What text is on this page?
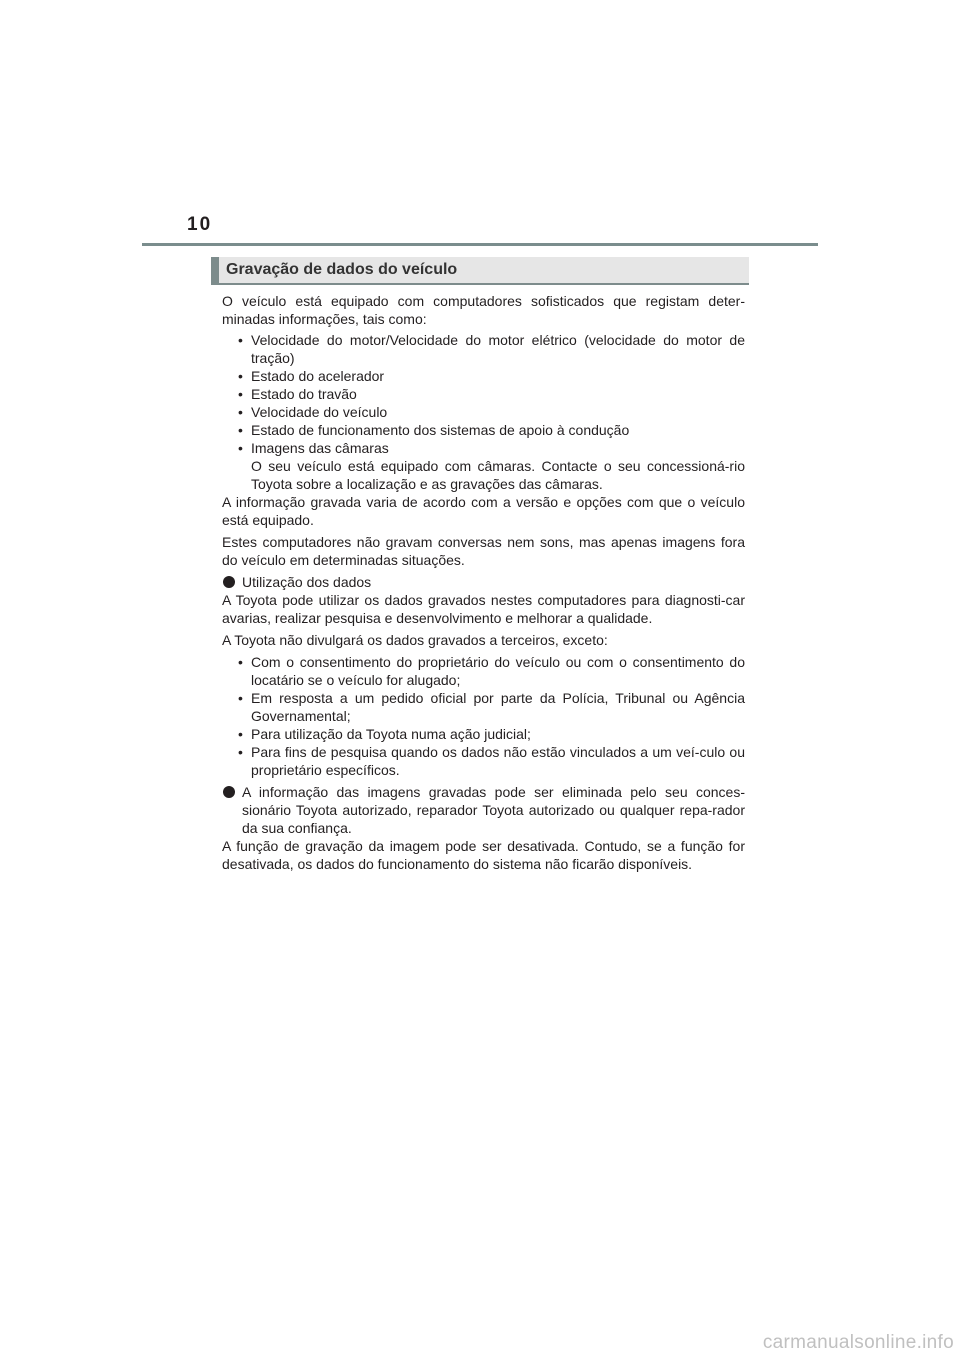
10
Gravação de dados do veículo

O veículo está equipado com computadores sofisticados que registam deter-minadas informações, tais como:

• Velocidade do motor/Velocidade do motor elétrico (velocidade do motor de tração)
• Estado do acelerador
• Estado do travão
• Velocidade do veículo
• Estado de funcionamento dos sistemas de apoio à condução
• Imagens das câmaras
O seu veículo está equipado com câmaras. Contacte o seu concessioná-rio Toyota sobre a localização e as gravações das câmaras.

A informação gravada varia de acordo com a versão e opções com que o veículo está equipado.

Estes computadores não gravam conversas nem sons, mas apenas imagens fora do veículo em determinadas situações.

Utilização dos dados

A Toyota pode utilizar os dados gravados nestes computadores para diagnosti-car avarias, realizar pesquisa e desenvolvimento e melhorar a qualidade.

A Toyota não divulgará os dados gravados a terceiros, exceto:

• Com o consentimento do proprietário do veículo ou com o consentimento do locatário se o veículo for alugado;
• Em resposta a um pedido oficial por parte da Polícia, Tribunal ou Agência Governamental;
• Para utilização da Toyota numa ação judicial;
• Para fins de pesquisa quando os dados não estão vinculados a um veí-culo ou proprietário específicos.
A informação das imagens gravadas pode ser eliminada pelo seu conces-sionário Toyota autorizado, reparador Toyota autorizado ou qualquer repa-rador da sua confiança.

A função de gravação da imagem pode ser desativada. Contudo, se a função for desativada, os dados do funcionamento do sistema não ficarão disponíveis.

carmanualsonline.info
